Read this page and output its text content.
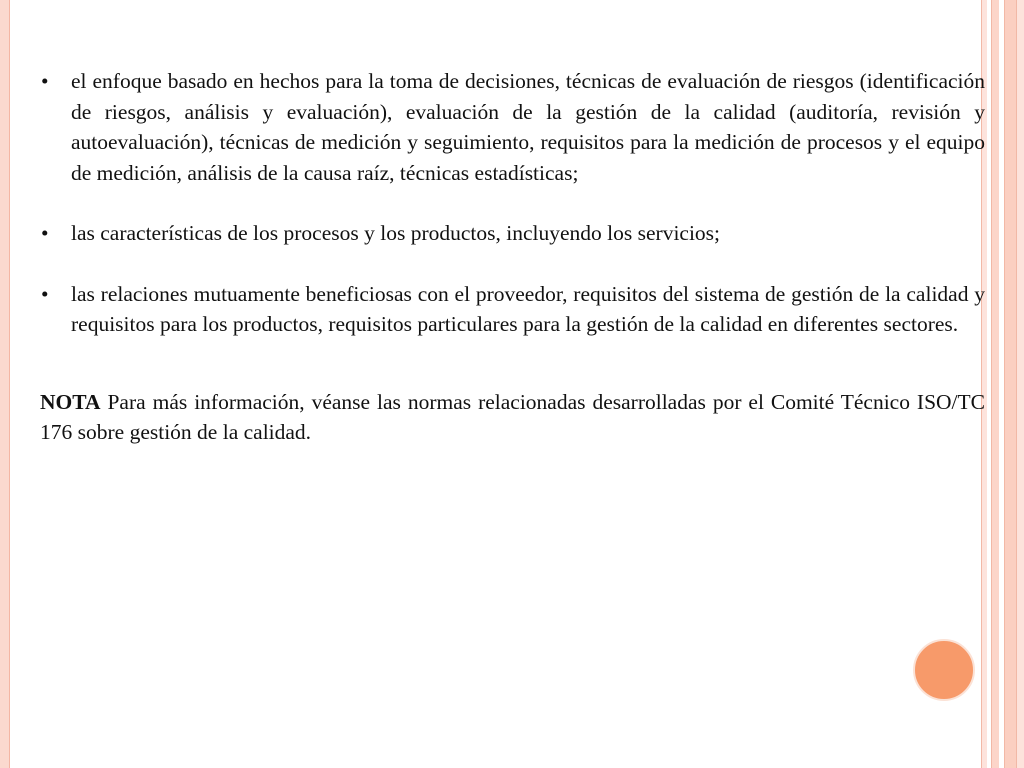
• el enfoque basado en hechos para la toma de decisiones, técnicas de evaluación de riesgos (identificación de riesgos, análisis y evaluación), evaluación de la gestión de la calidad (auditoría, revisión y autoevaluación), técnicas de medición y seguimiento, requisitos para la medición de procesos y el equipo de medición, análisis de la causa raíz, técnicas estadísticas;
• las características de los procesos y los productos, incluyendo los servicios;
• las relaciones mutuamente beneficiosas con el proveedor, requisitos del sistema de gestión de la calidad y requisitos para los productos, requisitos particulares para la gestión de la calidad en diferentes sectores.

NOTA Para más información, véanse las normas relacionadas desarrolladas por el Comité Técnico ISO/TC 176 sobre gestión de la calidad.
